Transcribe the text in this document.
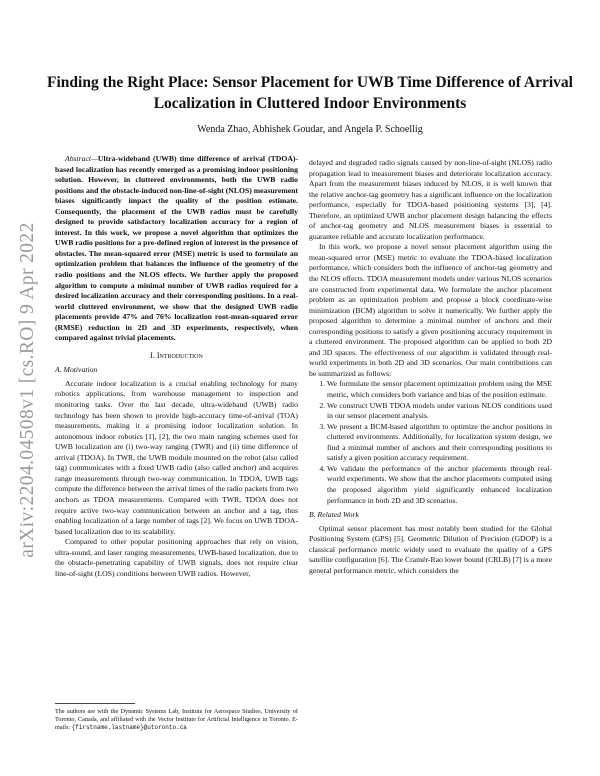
arXiv:2204.04508v1 [cs.RO] 9 Apr 2022
Finding the Right Place: Sensor Placement for UWB Time Difference of Arrival Localization in Cluttered Indoor Environments
Wenda Zhao, Abhishek Goudar, and Angela P. Schoellig

Abstract—Ultra-wideband (UWB) time difference of arrival (TDOA)-based localization has recently emerged as a promising indoor positioning solution. However, in cluttered environments, both the UWB radio positions and the obstacle-induced non-line-of-sight (NLOS) measurement biases significantly impact the quality of the position estimate. Consequently, the placement of the UWB radios must be carefully designed to provide satisfactory localization accuracy for a region of interest. In this work, we propose a novel algorithm that optimizes the UWB radio positions for a pre-defined region of interest in the presence of obstacles. The mean-squared error (MSE) metric is used to formulate an optimization problem that balances the influence of the geometry of the radio positions and the NLOS effects. We further apply the proposed algorithm to compute a minimal number of UWB radios required for a desired localization accuracy and their corresponding positions. In a real-world cluttered environment, we show that the designed UWB radio placements provide 47% and 76% localization root-mean-squared error (RMSE) reduction in 2D and 3D experiments, respectively, when compared against trivial placements.

I. Introduction
A. Motivation

Accurate indoor localization is a crucial enabling technology for many robotics applications, from warehouse management to inspection and monitoring tasks. Over the last decade, ultra-wideband (UWB) radio technology has been shown to provide high-accuracy time-of-arrival (TOA) measurements, making it a promising indoor localization solution. In autonomous indoor robotics [1], [2], the two main ranging schemes used for UWB localization are (i) two-way ranging (TWR) and (ii) time difference of arrival (TDOA). In TWR, the UWB module mounted on the robot (also called tag) communicates with a fixed UWB radio (also called anchor) and acquires range measurements through two-way communication. In TDOA, UWB tags compute the difference between the arrival times of the radio packets from two anchors as TDOA measurements. Compared with TWR, TDOA does not require active two-way communication between an anchor and a tag, thus enabling localization of a large number of tags [2]. We focus on UWB TDOA-based localization due to its scalability.

Compared to other popular positioning approaches that rely on vision, ultra-sound, and laser ranging measurements, UWB-based localization, due to the obstacle-penetrating capability of UWB signals, does not require clear line-of-sight (LOS) conditions between UWB radios. However,

delayed and degraded radio signals caused by non-line-of-sight (NLOS) radio propagation lead to measurement biases and deteriorate localization accuracy. Apart from the measurement biases induced by NLOS, it is well known that the relative anchor-tag geometry has a significant influence on the localization performance, especially for TDOA-based positioning systems [3], [4]. Therefore, an optimized UWB anchor placement design balancing the effects of anchor-tag geometry and NLOS measurement biases is essential to guarantee reliable and accurate localization performance.

In this work, we propose a novel sensor placement algorithm using the mean-squared error (MSE) metric to evaluate the TDOA-based localization performance, which considers both the influence of anchor-tag geometry and the NLOS effects. TDOA measurement models under various NLOS scenarios are constructed from experimental data. We formulate the anchor placement problem as an optimization problem and propose a block coordinate-wise minimization (BCM) algorithm to solve it numerically. We further apply the proposed algorithm to determine a minimal number of anchors and their corresponding positions to satisfy a given positioning accuracy requirement in a cluttered environment. The proposed algorithm can be applied to both 2D and 3D spaces. The effectiveness of our algorithm is validated through real-world experiments in both 2D and 3D scenarios. Our main contributions can be summarized as follows:

1. We formulate the sensor placement optimization problem using the MSE metric, which considers both variance and bias of the position estimate.
2. We construct UWB TDOA models under various NLOS conditions used in our sensor placement analysis.
3. We present a BCM-based algorithm to optimize the anchor positions in cluttered environments. Additionally, for localization system design, we find a minimal number of anchors and their corresponding positions to satisfy a given position accuracy requirement.
4. We validate the performance of the anchor placements through real-world experiments. We show that the anchor placements computed using the proposed algorithm yield significantly enhanced localization performance in both 2D and 3D scenarios.
B. Related Work

Optimal sensor placement has most notably been studied for the Global Positioning System (GPS) [5]. Geometric Dilution of Precision (GDOP) is a classical performance metric widely used to evaluate the quality of a GPS satellite configuration [6]. The Cramér-Rao lower bound (CRLB) [7] is a more general performance metric, which considers the

The authors are with the Dynamic Systems Lab, Institute for Aerospace Studies, University of Toronto, Canada, and affiliated with the Vector Institute for Artificial Intelligence in Toronto. E-mails: {firstname.lastname}@utoronto.ca
